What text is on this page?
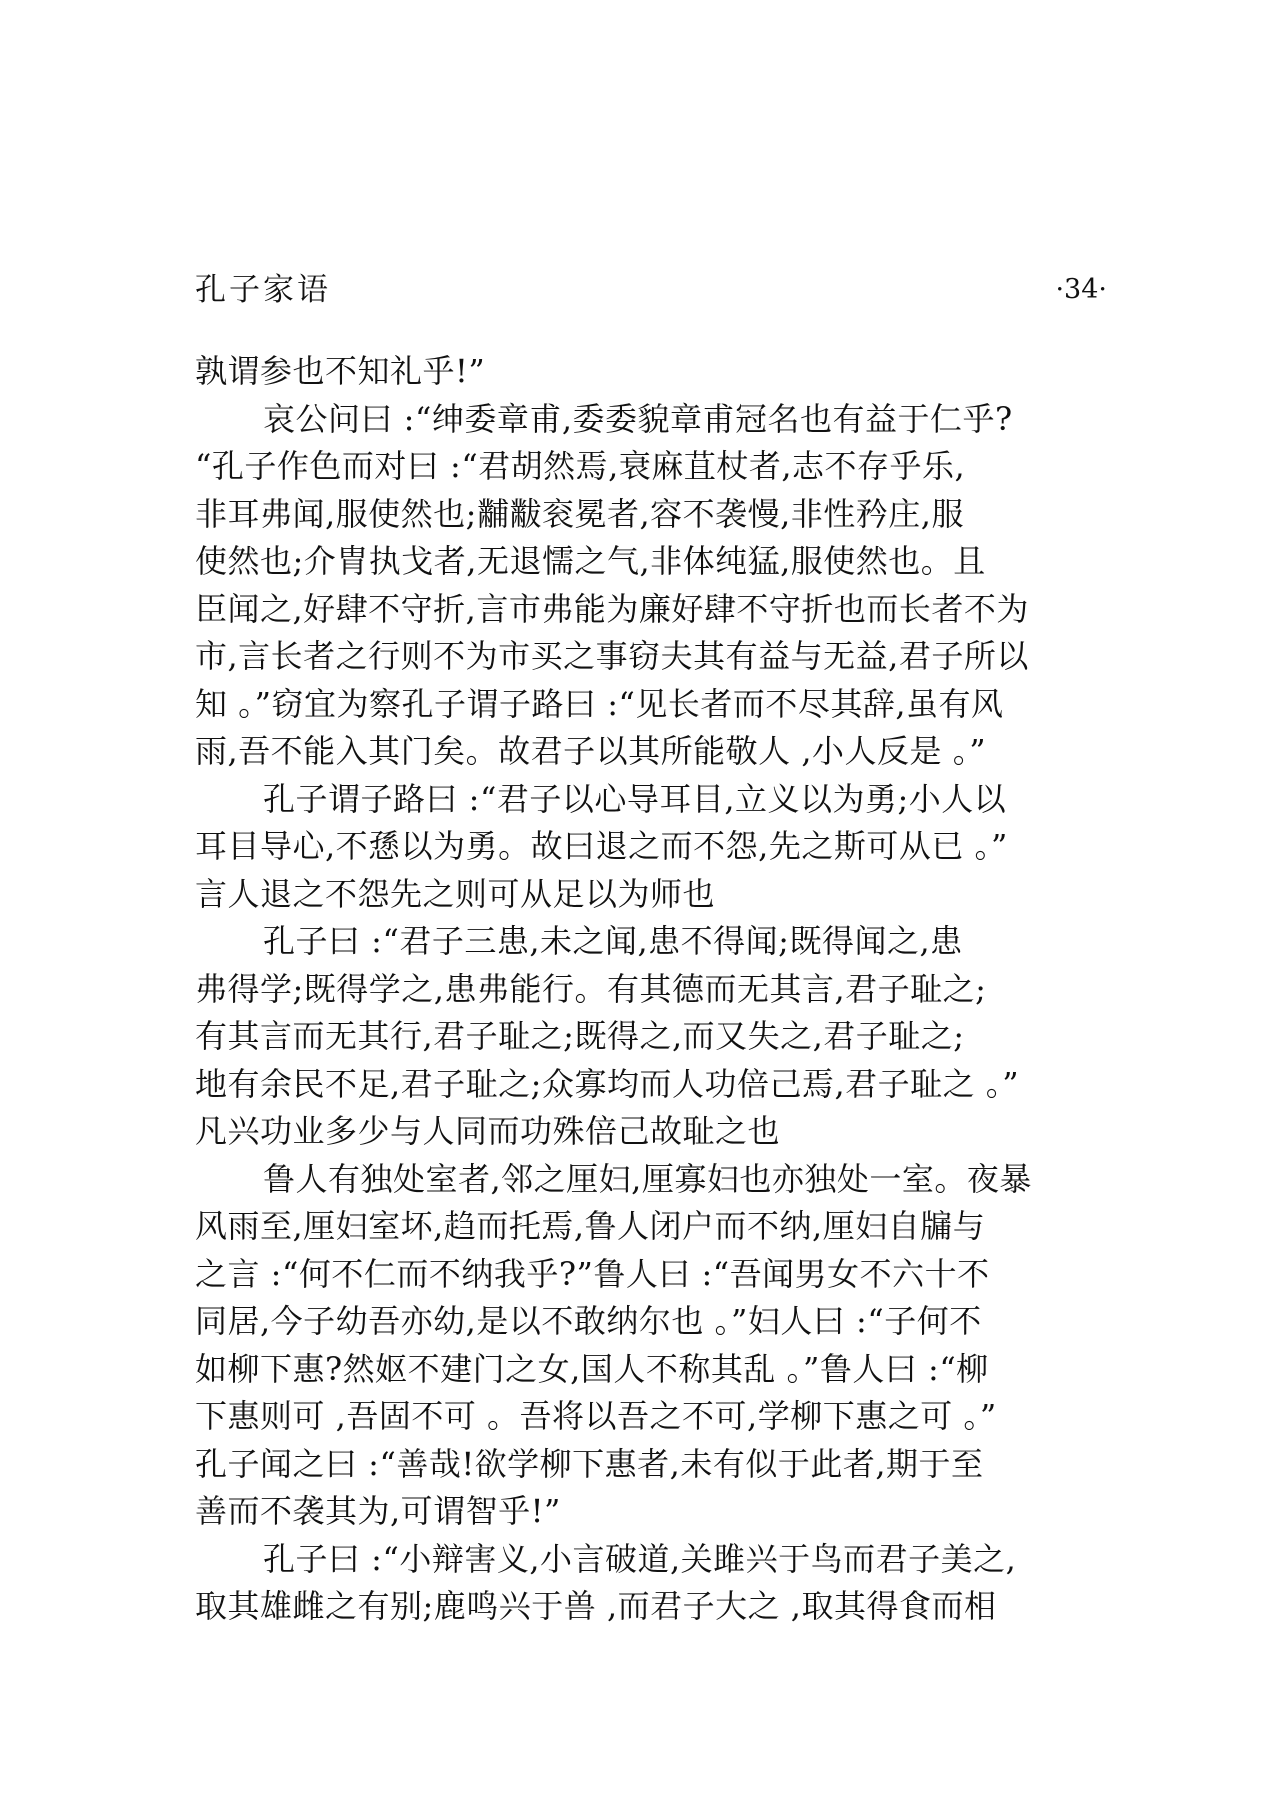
孔子家语	·34·
孰谓参也不知礼乎!”
哀公问曰 :“绅委章甫,委委貌章甫冠名也有益于仁乎?
“孔子作色而对曰 :“君胡然焉,衰麻苴杖者,志不存乎乐,
非耳弗闻,服使然也;黼黻衮冕者,容不袭慢,非性矜庄,服
使然也;介胄执戈者,无退懦之气,非体纯猛,服使然也。且
臣闻之,好肆不守折,言市弗能为廉好肆不守折也而长者不为
市,言长者之行则不为市买之事窃夫其有益与无益,君子所以
知 。”窃宜为察孔子谓子路曰 :“见长者而不尽其辞,虽有风
雨,吾不能入其门矣。故君子以其所能敬人 ,小人反是 。”
孔子谓子路曰 :“君子以心导耳目,立义以为勇;小人以
耳目导心,不愻以为勇。故曰退之而不怨,先之斯可从已 。”
言人退之不怨先之则可从足以为师也
孔子曰 :“君子三患,未之闻,患不得闻;既得闻之,患
弗得学;既得学之,患弗能行。有其德而无其言,君子耻之;
有其言而无其行,君子耻之;既得之,而又失之,君子耻之;
地有余民不足,君子耻之;众寡均而人功倍己焉,君子耻之 。”
凡兴功业多少与人同而功殊倍己故耻之也
鲁人有独处室者,邻之厘妇,厘寡妇也亦独处一室。夜暴
风雨至,厘妇室坏,趋而托焉,鲁人闭户而不纳,厘妇自牖与
之言 :“何不仁而不纳我乎?”鲁人曰 :“吾闻男女不六十不
同居,今子幼吾亦幼,是以不敢纳尔也 。”妇人曰 :“子何不
如柳下惠?然妪不建门之女,国人不称其乱 。”鲁人曰 :“柳
下惠则可 ,吾固不可 。吾将以吾之不可,学柳下惠之可 。”
孔子闻之曰 :“善哉!欲学柳下惠者,未有似于此者,期于至
善而不袭其为,可谓智乎!”
孔子曰 :“小辩害义,小言破道,关雎兴于鸟而君子美之,
取其雄雌之有别;鹿鸣兴于兽 ,而君子大之 ,取其得食而相
